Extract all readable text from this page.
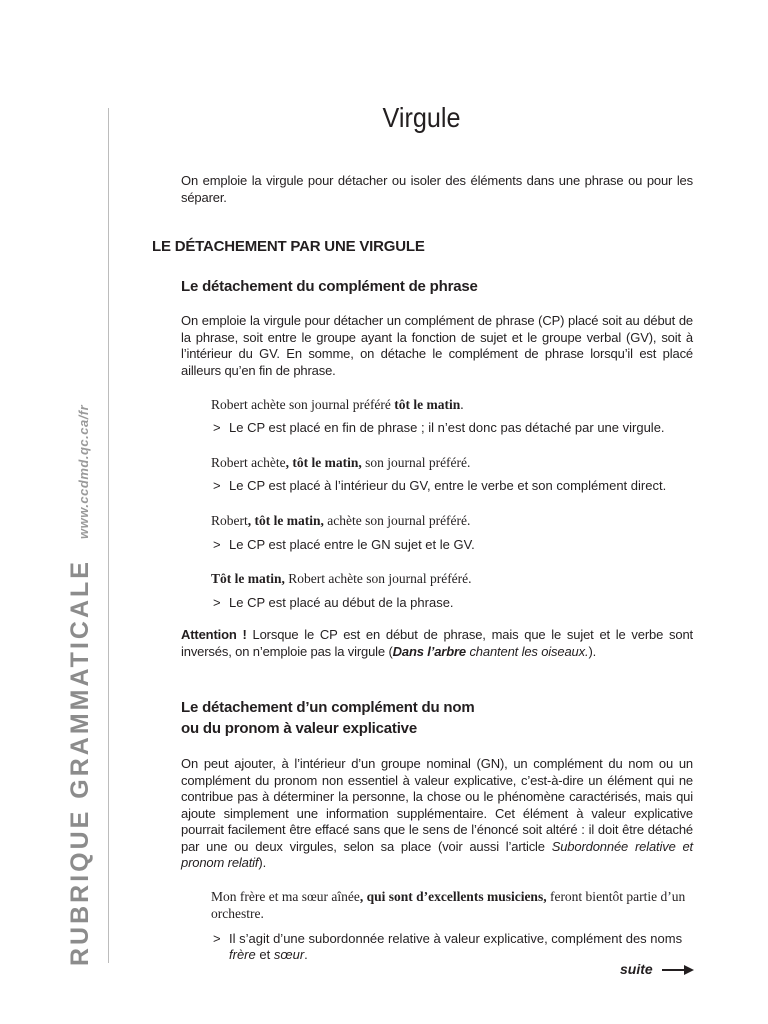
RUBRIQUE GRAMMATICALEwww.ccdmd.qc.ca/fr
Virgule
On emploie la virgule pour détacher ou isoler des éléments dans une phrase ou pour les séparer.
LE DÉTACHEMENT PAR UNE VIRGULE
Le détachement du complément de phrase
On emploie la virgule pour détacher un complément de phrase (CP) placé soit au début de la phrase, soit entre le groupe ayant la fonction de sujet et le groupe verbal (GV), soit à l’intérieur du GV. En somme, on détache le complément de phrase lorsqu’il est placé ailleurs qu’en fin de phrase.
Robert achète son journal préféré tôt le matin.
> Le CP est placé en fin de phrase ; il n’est donc pas détaché par une virgule.
Robert achète, tôt le matin, son journal préféré.
> Le CP est placé à l’intérieur du GV, entre le verbe et son complément direct.
Robert, tôt le matin, achète son journal préféré.
> Le CP est placé entre le GN sujet et le GV.
Tôt le matin, Robert achète son journal préféré.
> Le CP est placé au début de la phrase.
Attention ! Lorsque le CP est en début de phrase, mais que le sujet et le verbe sont inversés, on n’emploie pas la virgule (Dans l’arbre chantent les oiseaux.).
Le détachement d’un complément du nom
ou du pronom à valeur explicative
On peut ajouter, à l’intérieur d’un groupe nominal (GN), un complément du nom ou un complément du pronom non essentiel à valeur explicative, c’est-à-dire un élément qui ne contribue pas à déterminer la personne, la chose ou le phénomène caractérisés, mais qui ajoute simplement une information supplémentaire. Cet élément à valeur explicative pourrait facilement être effacé sans que le sens de l’énoncé soit altéré : il doit être détaché par une ou deux virgules, selon sa place (voir aussi l’article Subordonnée relative et pronom relatif).
Mon frère et ma sœur aînée, qui sont d’excellents musiciens, feront bientôt partie d’un orchestre.
> Il s’agit d’une subordonnée relative à valeur explicative, complément des noms
frère et sœur.
suite
